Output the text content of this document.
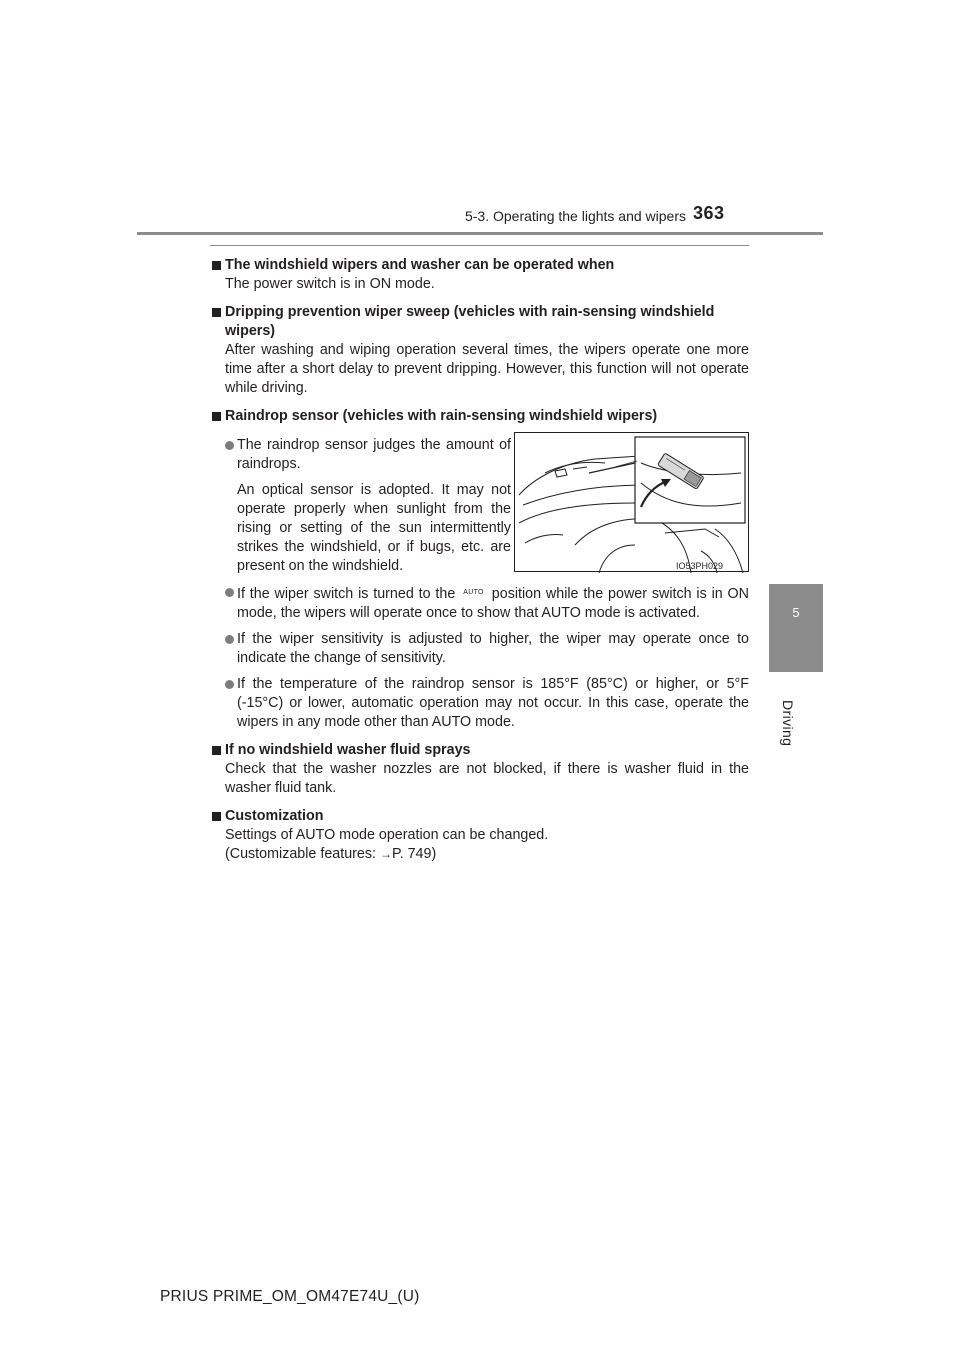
5-3. Operating the lights and wipers 363
5
Driving
The windshield wipers and washer can be operated when
The power switch is in ON mode.
Dripping prevention wiper sweep (vehicles with rain-sensing windshield wipers)
After washing and wiping operation several times, the wipers operate one more time after a short delay to prevent dripping. However, this function will not operate while driving.
Raindrop sensor (vehicles with rain-sensing windshield wipers)
The raindrop sensor judges the amount of raindrops.
An optical sensor is adopted. It may not operate properly when sunlight from the rising or setting of the sun intermittently strikes the windshield, or if bugs, etc. are present on the windshield.	IO53PH029
If the wiper switch is turned to the AUTO position while the power switch is in ON mode, the wipers will operate once to show that AUTO mode is activated.
If the wiper sensitivity is adjusted to higher, the wiper may operate once to indicate the change of sensitivity.
If the temperature of the raindrop sensor is 185°F (85°C) or higher, or 5°F (-15°C) or lower, automatic operation may not occur. In this case, operate the wipers in any mode other than AUTO mode.
If no windshield washer fluid sprays
Check that the washer nozzles are not blocked, if there is washer fluid in the washer fluid tank.
Customization
Settings of AUTO mode operation can be changed.
(Customizable features: →P. 749)
PRIUS PRIME_OM_OM47E74U_(U)
